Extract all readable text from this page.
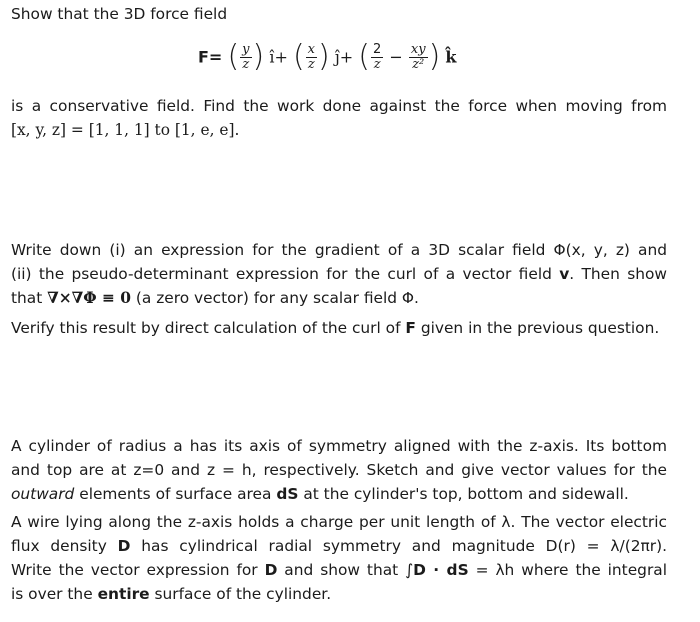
Show that the 3D force field

F= ( $\frac{y}{z}$ ) ı̂+ ( $\frac{x}{z}$ ) ȷ̂+ ( $\frac{2}{z} - \frac{xy}{\text{z²}}$ ) k̂

is a conservative field. Find the work done against the force when moving from
[x, y, z] = [1, 1, 1] to [1, e, e].

Write down (i) an expression for the gradient of a 3D scalar field Φ(x, y, z) and
(ii) the pseudo-determinant expression for the curl of a vector field v. Then show
that ∇×∇Φ ≡ 0 (a zero vector) for any scalar field Φ.
Verify this result by direct calculation of the curl of F given in the previous question.

A cylinder of radius a has its axis of symmetry aligned with the z-axis. Its bottom
and top are at z=0 and z = h, respectively. Sketch and give vector values for the
outward elements of surface area dS at the cylinder's top, bottom and sidewall.
A wire lying along the z-axis holds a charge per unit length of λ. The vector electric
flux density D has cylindrical radial symmetry and magnitude D(r) = λ/(2πr).
Write the vector expression for D and show that ∫D · dS = λh where the integral
is over the entire surface of the cylinder.
